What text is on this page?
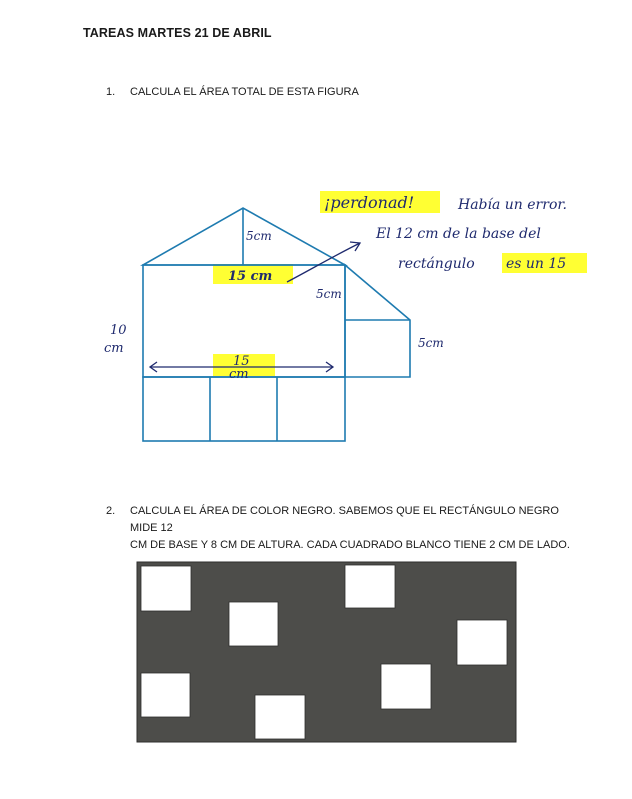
TAREAS MARTES 21 DE ABRIL
1. CALCULA EL ÁREA TOTAL DE ESTA FIGURA
5cm
15 cm
5cm
10 cm
15 cm
5cm
¡perdonad!	Había un error.
El 12 cm de la base del
rectángulo es un 15
2. CALCULA EL ÁREA DE COLOR NEGRO. SABEMOS QUE EL RECTÁNGULO NEGRO MIDE 12
CM DE BASE Y 8 CM DE ALTURA. CADA CUADRADO BLANCO TIENE 2 CM DE LADO.
